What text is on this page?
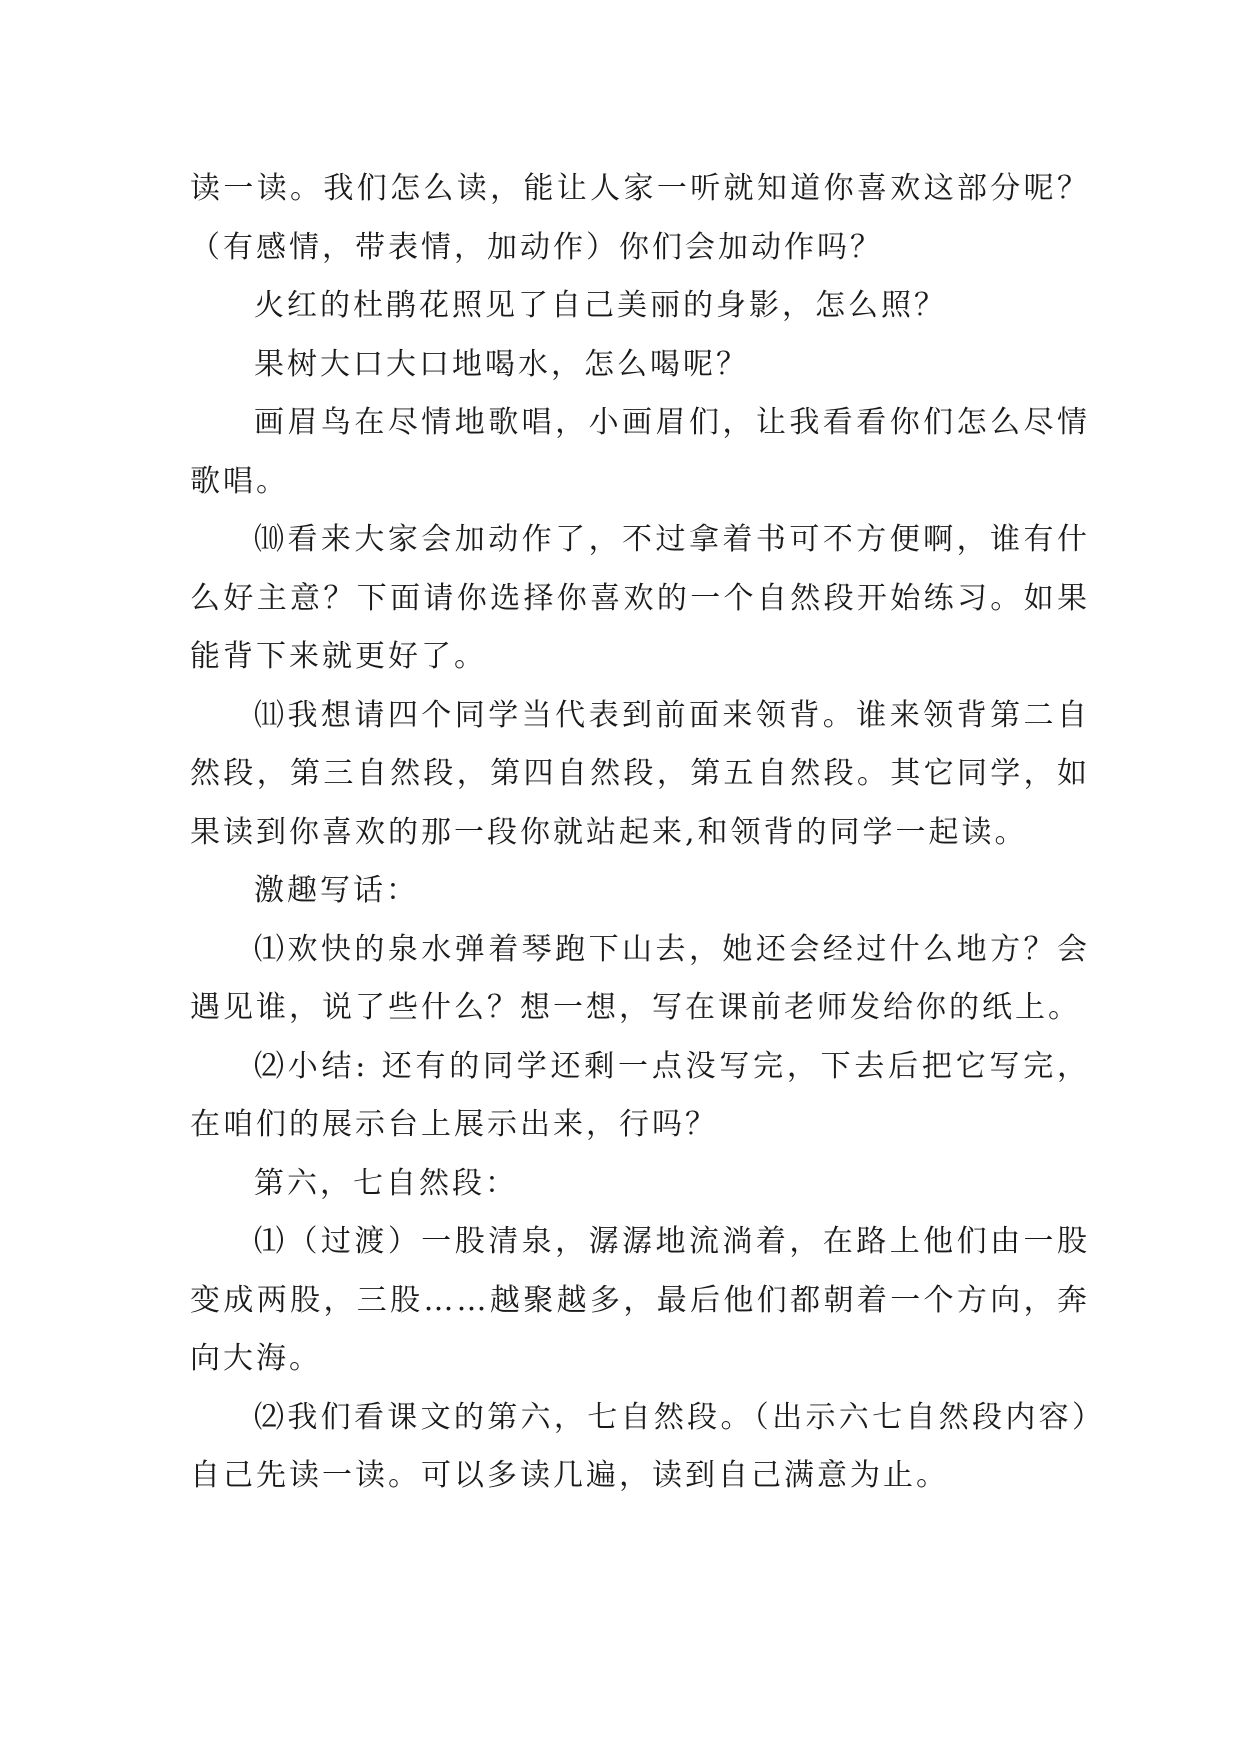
读一读。我们怎么读，能让人家一听就知道你喜欢这部分呢？（有感情，带表情，加动作）你们会加动作吗？

火红的杜鹃花照见了自己美丽的身影，怎么照？

果树大口大口地喝水，怎么喝呢？

画眉鸟在尽情地歌唱，小画眉们，让我看看你们怎么尽情歌唱。

⑽看来大家会加动作了，不过拿着书可不方便啊，谁有什么好主意？下面请你选择你喜欢的一个自然段开始练习。如果能背下来就更好了。

⑾我想请四个同学当代表到前面来领背。谁来领背第二自然段，第三自然段，第四自然段，第五自然段。其它同学，如果读到你喜欢的那一段你就站起来,和领背的同学一起读。

激趣写话：

⑴欢快的泉水弹着琴跑下山去，她还会经过什么地方？会遇见谁，说了些什么？想一想，写在课前老师发给你的纸上。

⑵小结: 还有的同学还剩一点没写完，下去后把它写完，在咱们的展示台上展示出来，行吗？

第六，七自然段：

⑴（过渡）一股清泉，潺潺地流淌着，在路上他们由一股变成两股，三股……越聚越多，最后他们都朝着一个方向，奔向大海。

⑵我们看课文的第六，七自然段。（出示六七自然段内容）自己先读一读。可以多读几遍，读到自己满意为止。
